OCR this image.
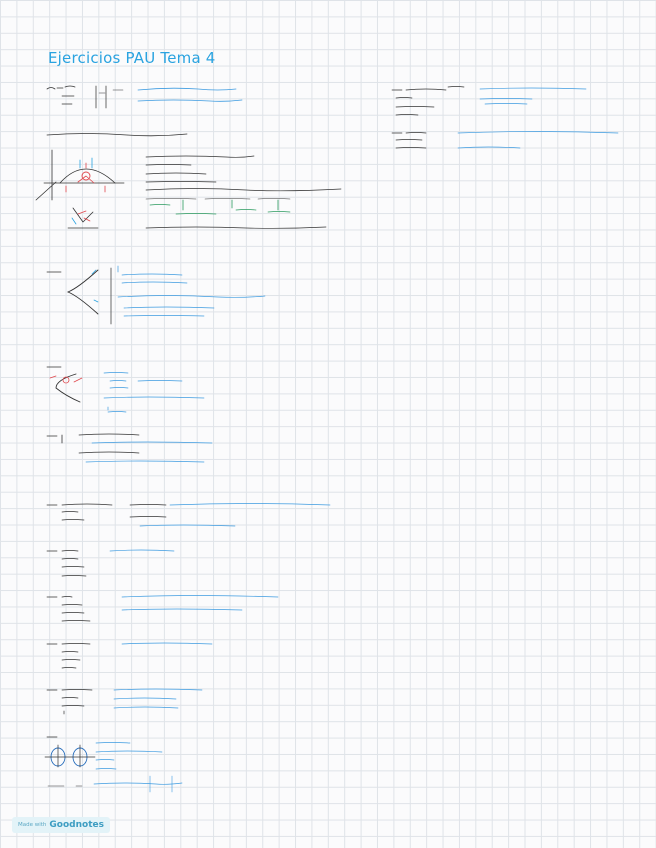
Ejercicios PAU Tema 4
Made with Goodnotes
